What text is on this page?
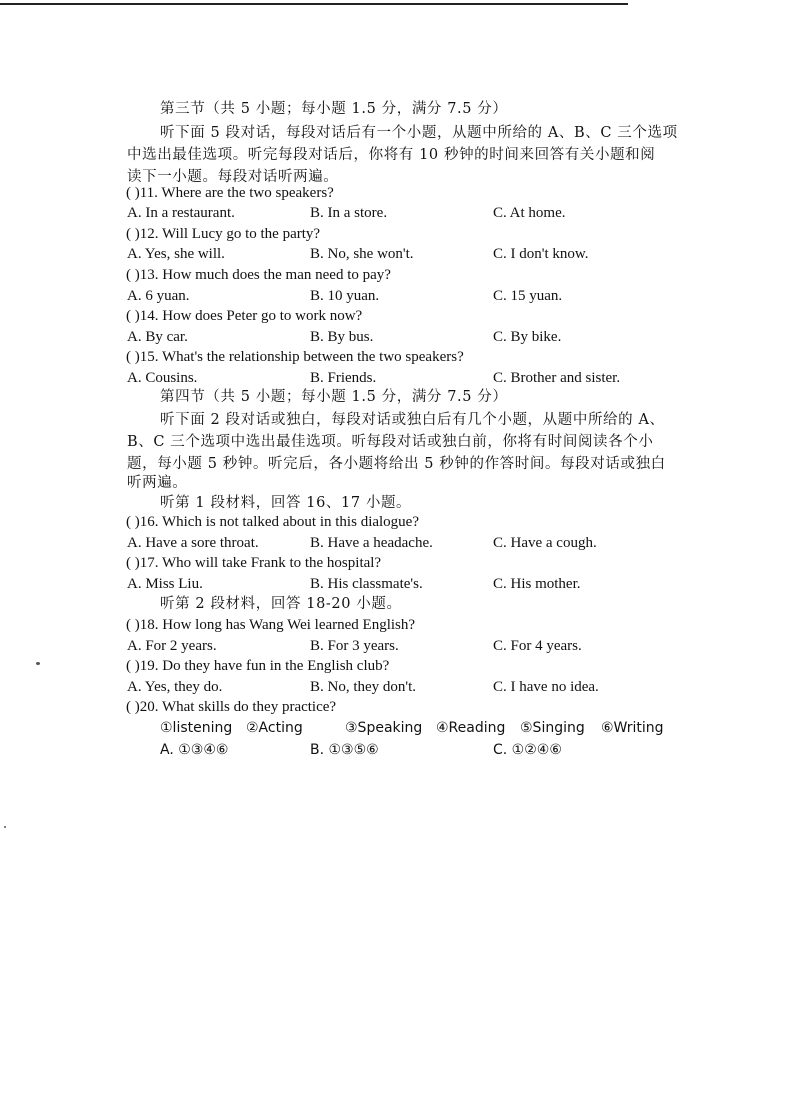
第三节（共 5 小题；每小题 1.5 分，满分 7.5 分）
听下面 5 段对话，每段对话后有一个小题，从题中所给的 A、B、C 三个选项
中选出最佳选项。听完每段对话后，你将有 10 秒钟的时间来回答有关小题和阅
读下一小题。每段对话听两遍。
( )11. Where are the two speakers?
A. In a restaurant.	B. In a store.	C. At home.
( )12. Will Lucy go to the party?
A. Yes, she will.	B. No, she won't.	C. I don't know.
( )13. How much does the man need to pay?
A. 6 yuan.	B. 10 yuan.	C. 15 yuan.
( )14. How does Peter go to work now?
A. By car.	B. By bus.	C. By bike.
( )15. What's the relationship between the two speakers?
A. Cousins.	B. Friends.	C. Brother and sister.
第四节（共 5 小题；每小题 1.5 分，满分 7.5 分）
听下面 2 段对话或独白，每段对话或独白后有几个小题，从题中所给的 A、
B、C 三个选项中选出最佳选项。听每段对话或独白前，你将有时间阅读各个小
题，每小题 5 秒钟。听完后，各小题将给出 5 秒钟的作答时间。每段对话或独白
听两遍。
听第 1 段材料，回答 16、17 小题。
( )16. Which is not talked about in this dialogue?
A. Have a sore throat.	B. Have a headache.	C. Have a cough.
( )17. Who will take Frank to the hospital?
A. Miss Liu.	B. His classmate's.	C. His mother.
听第 2 段材料，回答 18-20 小题。
( )18. How long has Wang Wei learned English?
A. For 2 years.	B. For 3 years.	C. For 4 years.
( )19. Do they have fun in the English club?
A. Yes, they do.	B. No, they don't.	C. I have no idea.
( )20. What skills do they practice?
①listening ②Acting	③Speaking ④Reading ⑤Singing ⑥Writing
A. ①③④⑥	B. ①③⑤⑥	C. ①②④⑥
